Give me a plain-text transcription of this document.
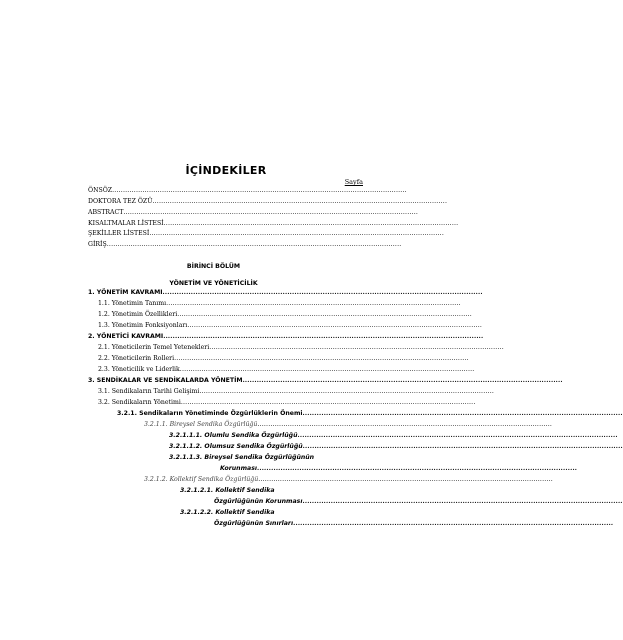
İÇİNDEKİLER
Sayfa
ÖNSÖZ ........................................................................................................................................
DOKTORA TEZ ÖZÜ ........................................................................................................................................
ABSTRACT ........................................................................................................................................
KISALTMALAR LİSTESİ ........................................................................................................................................
ŞEKİLLER LİSTESİ ........................................................................................................................................
GİRİŞ ........................................................................................................................................
BİRİNCİ BÖLÜM
YÖNETİM VE YÖNETİCİLİK
1. YÖNETİM KAVRAMI ........................................................................................................................................
1.1. Yönetimin Tanımı ........................................................................................................................................
1.2. Yönetimin Özellikleri ........................................................................................................................................
1.3. Yönetimin Fonksiyonları ........................................................................................................................................
2. YÖNETİCİ KAVRAMI ........................................................................................................................................
2.1. Yöneticilerin Temel Yetenekleri ........................................................................................................................................
2.2. Yöneticilerin Rolleri ........................................................................................................................................
2.3. Yöneticilik ve Liderlik ........................................................................................................................................
3. SENDİKALAR VE SENDİKALARDA YÖNETİM ........................................................................................................................................
3.1. Sendikaların Tarihi Gelişimi ........................................................................................................................................
3.2. Sendikaların Yönetimi ........................................................................................................................................
3.2.1. Sendikaların Yönetiminde Özgürlüklerin Önemi ........................................................................................................................................
3.2.1.1. Bireysel Sendika Özgürlüğü ........................................................................................................................................
3.2.1.1.1. Olumlu Sendika Özgürlüğü ........................................................................................................................................
3.2.1.1.2. Olumsuz Sendika Özgürlüğü ........................................................................................................................................
3.2.1.1.3. Bireysel Sendika Özgürlüğünün
Korunması ........................................................................................................................................
3.2.1.2. Kollektif Sendika Özgürlüğü ........................................................................................................................................
3.2.1.2.1. Kollektif Sendika
Özgürlüğünün Korunması ........................................................................................................................................
3.2.1.2.2. Kollektif Sendika
Özgürlüğünün Sınırları ........................................................................................................................................
